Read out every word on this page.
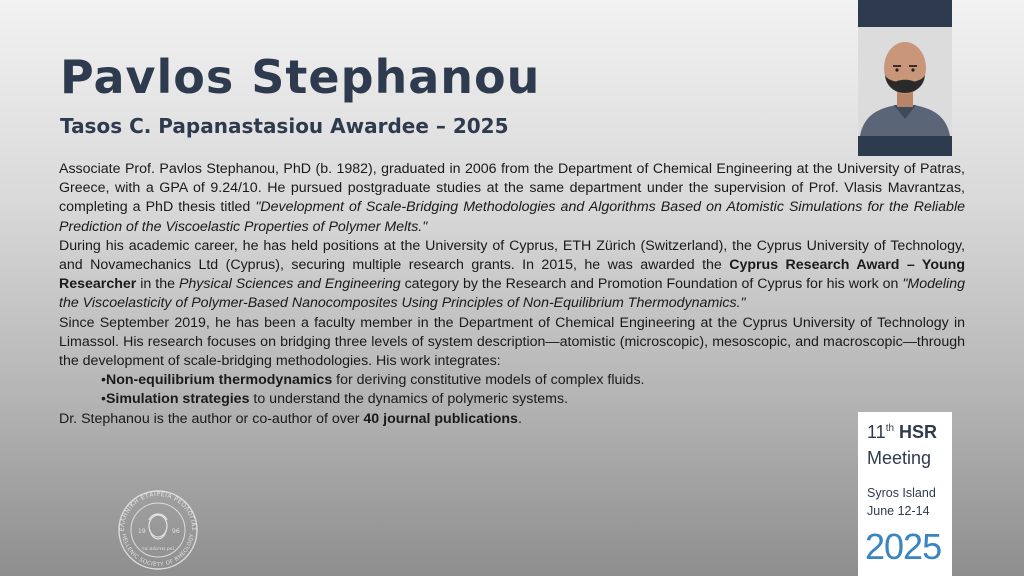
Pavlos Stephanou
Tasos C. Papanastasiou Awardee – 2025

Associate Prof. Pavlos Stephanou, PhD (b. 1982), graduated in 2006 from the Department of Chemical Engineering at the University of Patras, Greece, with a GPA of 9.24/10. He pursued postgraduate studies at the same department under the supervision of Prof. Vlasis Mavrantzas, completing a PhD thesis titled "Development of Scale-Bridging Methodologies and Algorithms Based on Atomistic Simulations for the Reliable Prediction of the Viscoelastic Properties of Polymer Melts."

During his academic career, he has held positions at the University of Cyprus, ETH Zürich (Switzerland), the Cyprus University of Technology, and Novamechanics Ltd (Cyprus), securing multiple research grants. In 2015, he was awarded the Cyprus Research Award – Young Researcher in the Physical Sciences and Engineering category by the Research and Promotion Foundation of Cyprus for his work on "Modeling the Viscoelasticity of Polymer-Based Nanocomposites Using Principles of Non-Equilibrium Thermodynamics."

Since September 2019, he has been a faculty member in the Department of Chemical Engineering at the Cyprus University of Technology in Limassol. His research focuses on bridging three levels of system description—atomistic (microscopic), mesoscopic, and macroscopic—through the development of scale-bridging methodologies. His work integrates:

•Non-equilibrium thermodynamics for deriving constitutive models of complex fluids.

•Simulation strategies to understand the dynamics of polymeric systems.

Dr. Stephanou is the author or co-author of over 40 journal publications.

11th HSR
Meeting
Syros Island
June 12-14
2025
ΕΛΛΗΝΙΚΗ ΕΤΑΙΡΕΙΑ ΡΕΟΛΟΓΙΑΣ
HELLENIC SOCIETY OF RHEOLOGY
19	96
τα πάντα ρεί
